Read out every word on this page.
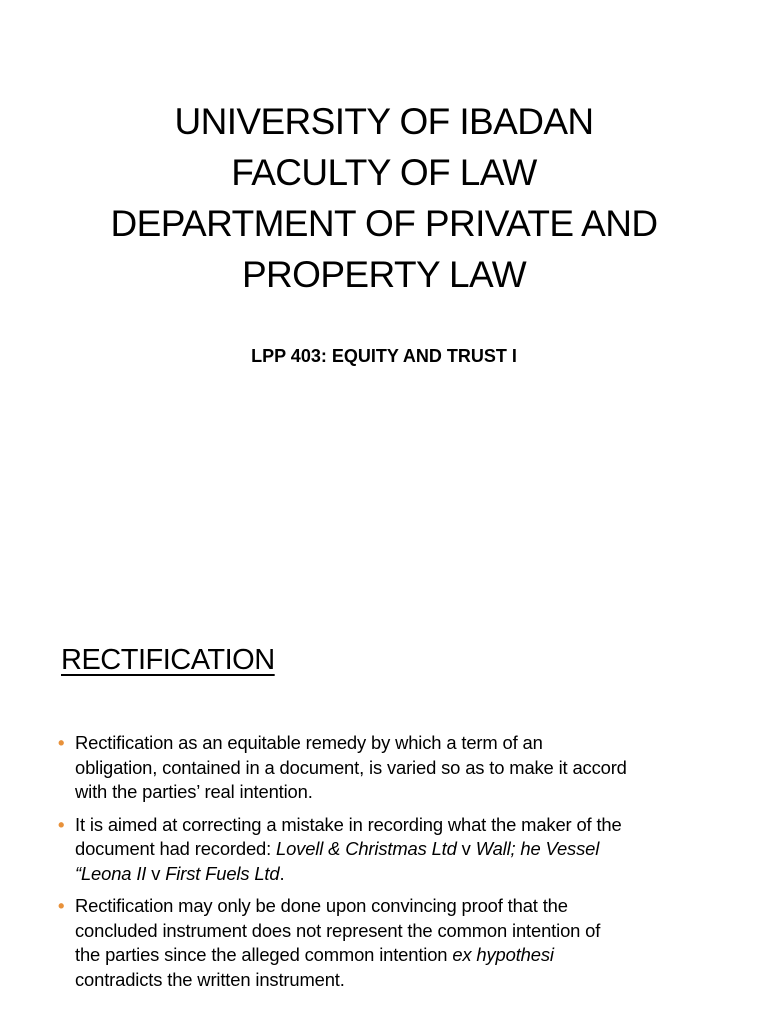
UNIVERSITY OF IBADAN
FACULTY OF LAW
DEPARTMENT OF PRIVATE AND
PROPERTY LAW
LPP 403: EQUITY AND TRUST I
RECTIFICATION
• Rectification as an equitable remedy by which a term of an
obligation, contained in a document, is varied so as to make it accord
with the parties’ real intention.
• It is aimed at correcting a mistake in recording what the maker of the
document had recorded: Lovell & Christmas Ltd v Wall; he Vessel
“Leona II v First Fuels Ltd.
• Rectification may only be done upon convincing proof that the
concluded instrument does not represent the common intention of
the parties since the alleged common intention ex hypothesi
contradicts the written instrument.
